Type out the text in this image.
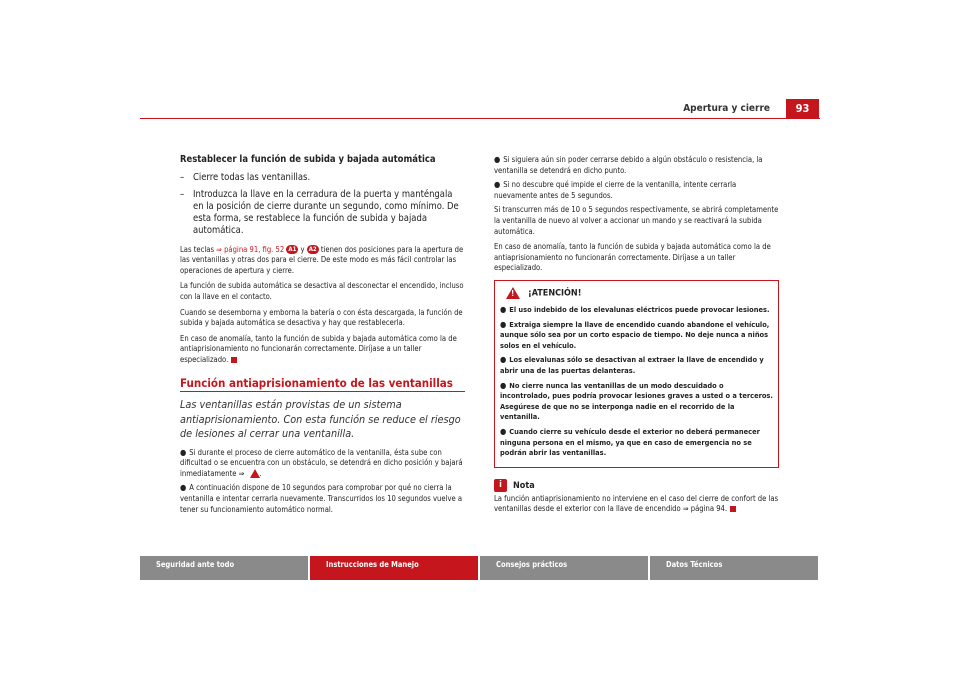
Apertura y cierre	93
Restablecer la función de subida y bajada automática
– Cierre todas las ventanillas.
– Introduzca la llave en la cerradura de la puerta y manténgala en la posición de cierre durante un segundo, como mínimo. De esta forma, se restablece la función de subida y bajada automática.

Las teclas ⇒ página 91, fig. 52 A1 y A2 tienen dos posiciones para la apertura de las ventanillas y otras dos para el cierre. De este modo es más fácil controlar las operaciones de apertura y cierre.

La función de subida automática se desactiva al desconectar el encendido, incluso con la llave en el contacto.

Cuando se desemborna y emborna la batería o con ésta descargada, la función de subida y bajada automática se desactiva y hay que restablecerla.

En caso de anomalía, tanto la función de subida y bajada automática como la de antiaprisionamiento no funcionarán correctamente. Diríjase a un taller especializado.

Función antiaprisionamiento de las ventanillas
Las ventanillas están provistas de un sistema antiaprisionamiento. Con esta función se reduce el riesgo de lesiones al cerrar una ventanilla.
● Si durante el proceso de cierre automático de la ventanilla, ésta sube con dificultad o se encuentra con un obstáculo, se detendrá en dicho posición y bajará inmediatamente ⇒ .
● A continuación dispone de 10 segundos para comprobar por qué no cierra la ventanilla e intentar cerrarla nuevamente. Transcurridos los 10 segundos vuelve a tener su funcionamiento automático normal.
● Si siguiera aún sin poder cerrarse debido a algún obstáculo o resistencia, la ventanilla se detendrá en dicho punto.
● Si no descubre qué impide el cierre de la ventanilla, intente cerrarla nuevamente antes de 5 segundos.

Si transcurren más de 10 o 5 segundos respectivamente, se abrirá completamente la ventanilla de nuevo al volver a accionar un mando y se reactivará la subida automática.

En caso de anomalía, tanto la función de subida y bajada automática como la de antiaprisionamiento no funcionarán correctamente. Diríjase a un taller especializado.

!¡ATENCIÓN!
● El uso indebido de los elevalunas eléctricos puede provocar lesiones.
● Extraiga siempre la llave de encendido cuando abandone el vehículo, aunque sólo sea por un corto espacio de tiempo. No deje nunca a niños solos en el vehículo.
● Los elevalunas sólo se desactivan al extraer la llave de encendido y abrir una de las puertas delanteras.
● No cierre nunca las ventanillas de un modo descuidado o incontrolado, pues podría provocar lesiones graves a usted o a terceros. Asegúrese de que no se interponga nadie en el recorrido de la ventanilla.
● Cuando cierre su vehículo desde el exterior no deberá permanecer ninguna persona en el mismo, ya que en caso de emergencia no se podrán abrir las ventanillas.
i Nota

La función antiaprisionamiento no interviene en el caso del cierre de confort de las ventanillas desde el exterior con la llave de encendido ⇒ página 94.

Seguridad ante todo	Instrucciones de Manejo	Consejos prácticos	Datos Técnicos
